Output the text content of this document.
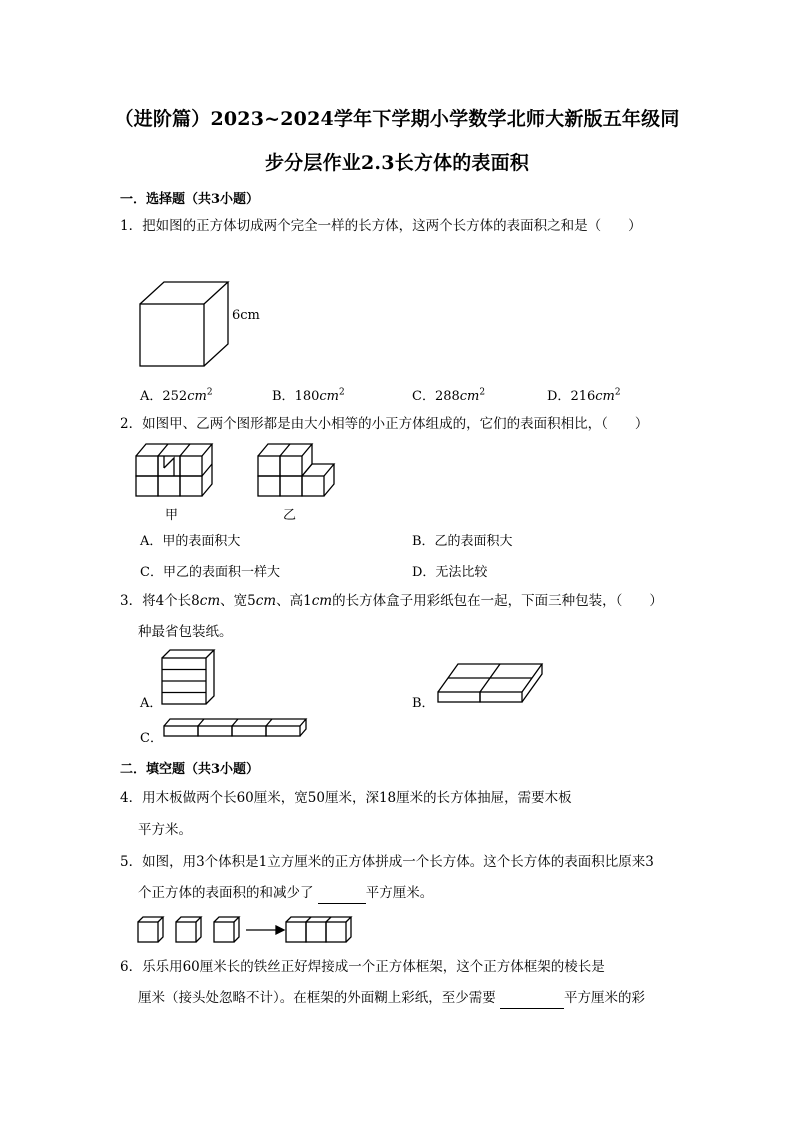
（进阶篇）2023~2024学年下学期小学数学北师大新版五年级同
步分层作业2.3长方体的表面积
一．选择题（共3小题）
1．把如图的正方体切成两个完全一样的长方体，这两个长方体的表面积之和是（　　）
6cm
A．$252cm^2$	B．$180cm^2$	C．$288cm^2$	D．$216cm^2$
2．如图甲、乙两个图形都是由大小相等的小正方体组成的，它们的表面积相比，（　　）
甲	乙
A．甲的表面积大	B．乙的表面积大
C．甲乙的表面积一样大	D．无法比较
3．将4个长8cm、宽5cm、高1cm的长方体盒子用彩纸包在一起，下面三种包装，（　　）
种最省包装纸。
A．	B．
C．
二．填空题（共3小题）
4．用木板做两个长60厘米，宽50厘米，深18厘米的长方体抽屉，需要木板
平方米。
5．如图，用3个体积是1立方厘米的正方体拼成一个长方体。这个长方体的表面积比原来3
个正方体的表面积的和减少了	平方厘米。
6．乐乐用60厘米长的铁丝正好焊接成一个正方体框架，这个正方体框架的棱长是
厘米（接头处忽略不计）。在框架的外面糊上彩纸，至少需要	平方厘米的彩
